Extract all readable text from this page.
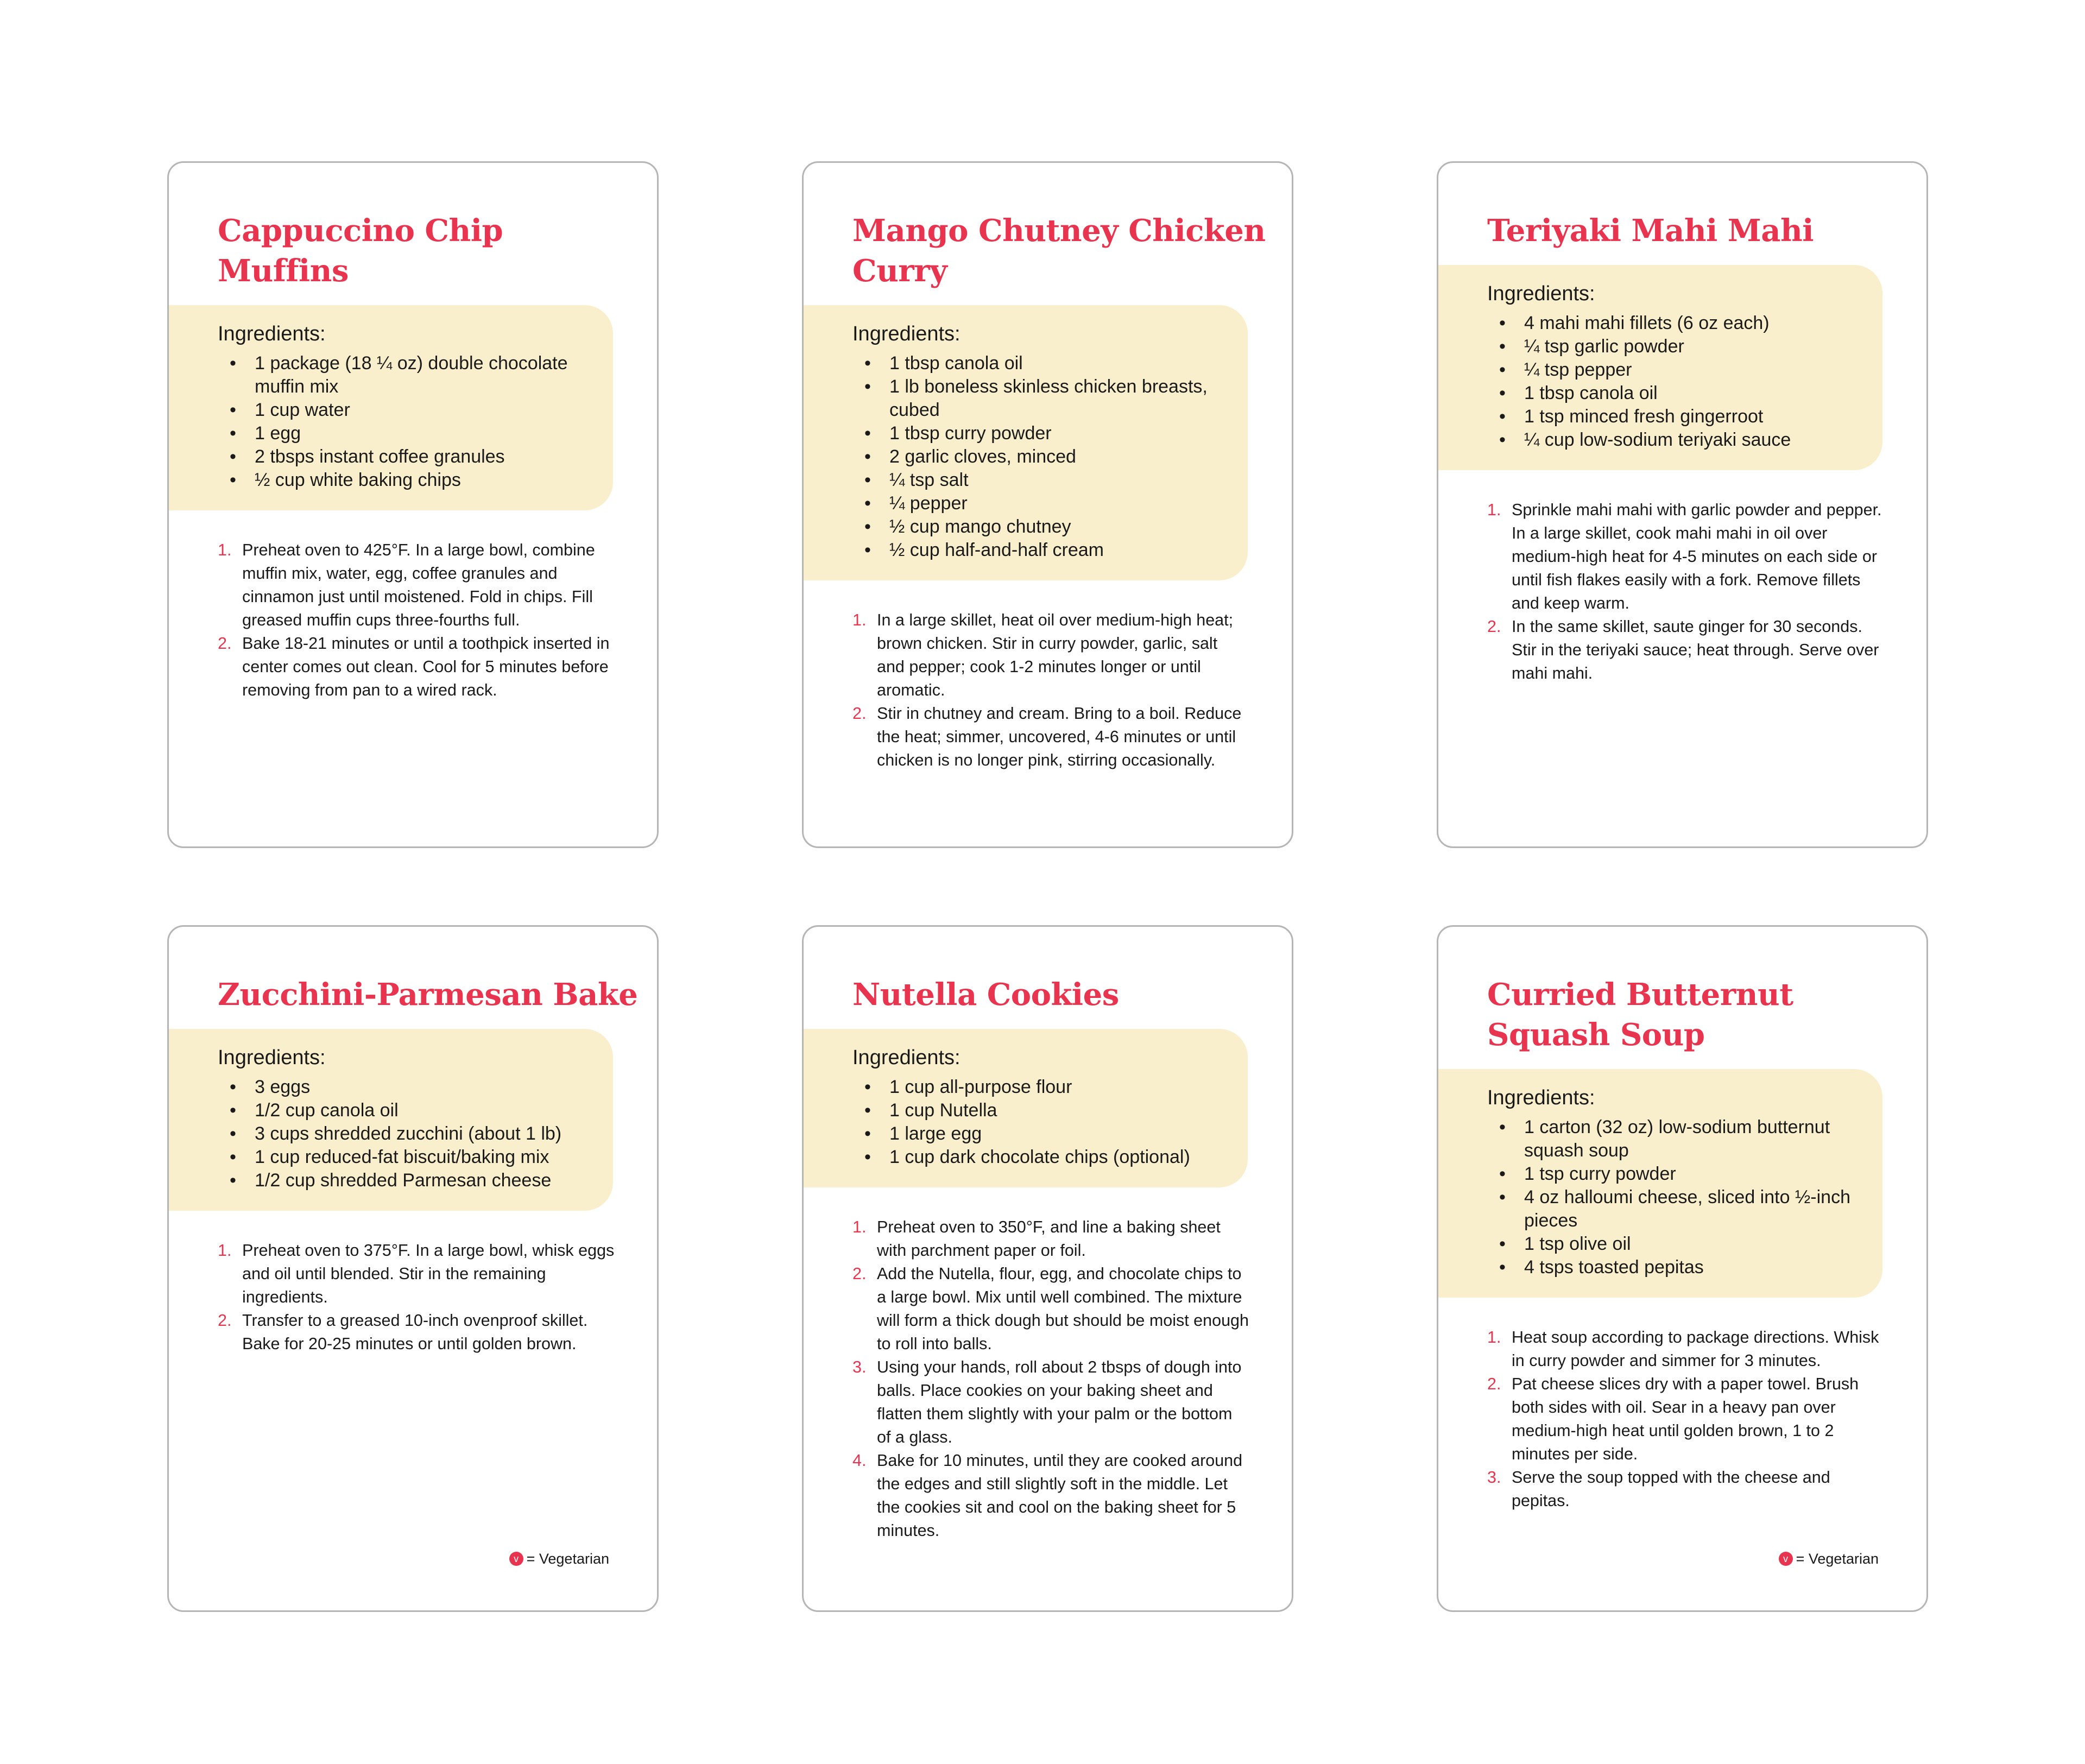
Cappuccino Chip Muffins
Ingredients:
• 1 package (18 ¼ oz) double chocolate muffin mix
• 1 cup water
• 1 egg
• 2 tbsps instant coffee granules
• ½ cup white baking chips
1. Preheat oven to 425°F. In a large bowl, combine muffin mix, water, egg, coffee granules and cinnamon just until moistened. Fold in chips. Fill greased muffin cups three-fourths full.
2. Bake 18-21 minutes or until a toothpick inserted in center comes out clean. Cool for 5 minutes before removing from pan to a wired rack.
Mango Chutney Chicken Curry
Ingredients:
• 1 tbsp canola oil
• 1 lb boneless skinless chicken breasts, cubed
• 1 tbsp curry powder
• 2 garlic cloves, minced
• ¼ tsp salt
• ¼ pepper
• ½ cup mango chutney
• ½ cup half-and-half cream
1. In a large skillet, heat oil over medium-high heat; brown chicken. Stir in curry powder, garlic, salt and pepper; cook 1-2 minutes longer or until aromatic.
2. Stir in chutney and cream. Bring to a boil. Reduce the heat; simmer, uncovered, 4-6 minutes or until chicken is no longer pink, stirring occasionally.
Teriyaki Mahi Mahi
Ingredients:
• 4 mahi mahi fillets (6 oz each)
• ¼ tsp garlic powder
• ¼ tsp pepper
• 1 tbsp canola oil
• 1 tsp minced fresh gingerroot
• ¼ cup low-sodium teriyaki sauce
1. Sprinkle mahi mahi with garlic powder and pepper. In a large skillet, cook mahi mahi in oil over medium-high heat for 4-5 minutes on each side or until fish flakes easily with a fork. Remove fillets and keep warm.
2. In the same skillet, saute ginger for 30 seconds. Stir in the teriyaki sauce; heat through. Serve over mahi mahi.
Zucchini-Parmesan Bake
Ingredients:
• 3 eggs
• 1/2 cup canola oil
• 3 cups shredded zucchini (about 1 lb)
• 1 cup reduced-fat biscuit/baking mix
• 1/2 cup shredded Parmesan cheese
1. Preheat oven to 375°F. In a large bowl, whisk eggs and oil until blended. Stir in the remaining ingredients.
2. Transfer to a greased 10-inch ovenproof skillet. Bake for 20-25 minutes or until golden brown.
v = Vegetarian
Nutella Cookies
Ingredients:
• 1 cup all-purpose flour
• 1 cup Nutella
• 1 large egg
• 1 cup dark chocolate chips (optional)
1. Preheat oven to 350°F, and line a baking sheet with parchment paper or foil.
2. Add the Nutella, flour, egg, and chocolate chips to a large bowl. Mix until well combined. The mixture will form a thick dough but should be moist enough to roll into balls.
3. Using your hands, roll about 2 tbsps of dough into balls. Place cookies on your baking sheet and flatten them slightly with your palm or the bottom of a glass.
4. Bake for 10 minutes, until they are cooked around the edges and still slightly soft in the middle. Let the cookies sit and cool on the baking sheet for 5 minutes.
Curried Butternut Squash Soup
Ingredients:
• 1 carton (32 oz) low-sodium butternut squash soup
• 1 tsp curry powder
• 4 oz halloumi cheese, sliced into ½-inch pieces
• 1 tsp olive oil
• 4 tsps toasted pepitas
1. Heat soup according to package directions. Whisk in curry powder and simmer for 3 minutes.
2. Pat cheese slices dry with a paper towel. Brush both sides with oil. Sear in a heavy pan over medium-high heat until golden brown, 1 to 2 minutes per side.
3. Serve the soup topped with the cheese and pepitas.
v = Vegetarian
